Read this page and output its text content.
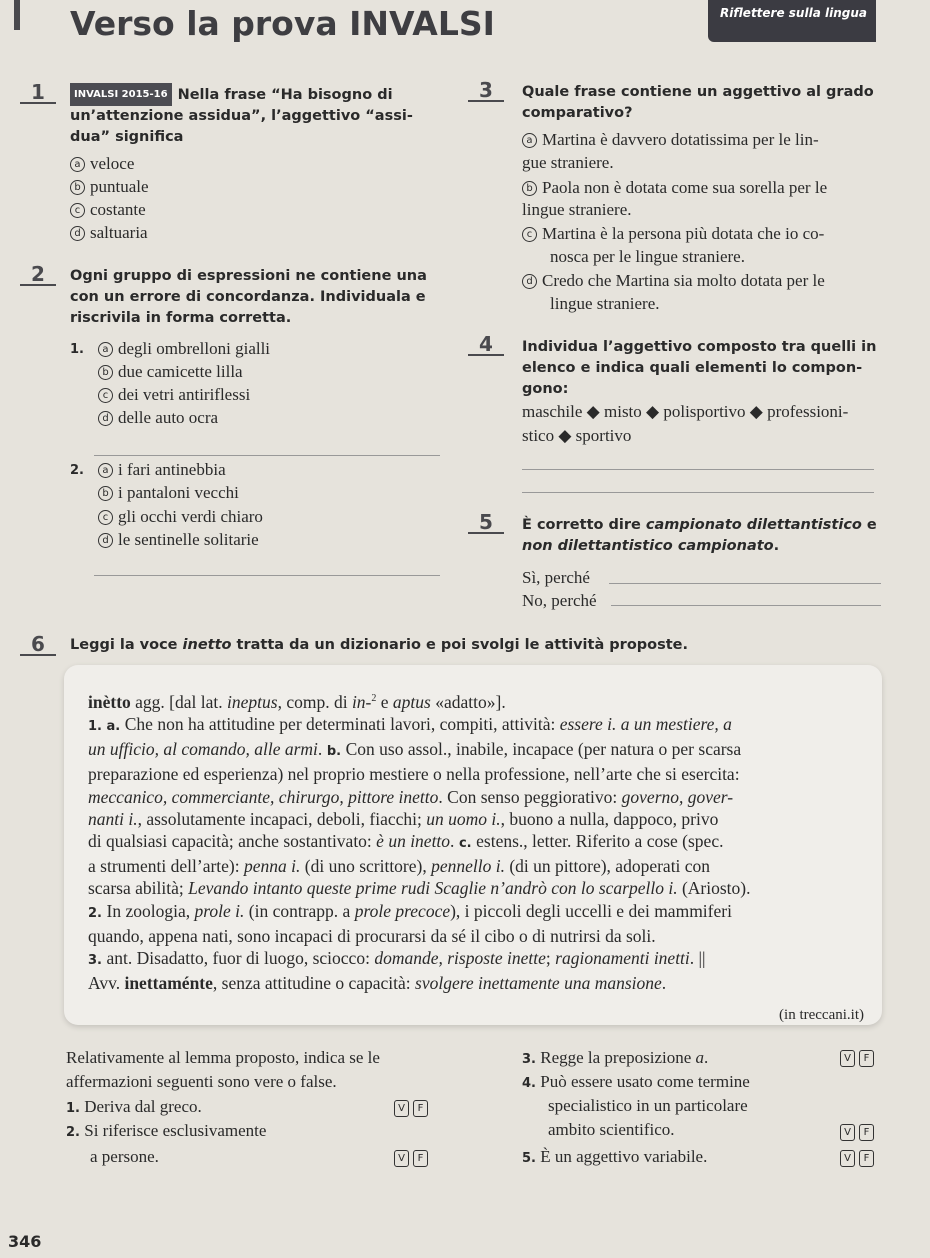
Verso la prova INVALSI	Riflettere sulla lingua
1	INVALSI 2015-16 Nella frase “Ha bisogno di
un’attenzione assidua”, l’aggettivo “assi-
dua” significa
a veloce
b puntuale
c costante
d saltuaria
2	Ogni gruppo di espressioni ne contiene una
con un errore di concordanza. Individuala e
riscrivila in forma corretta.
1.	a degli ombrelloni gialli
b due camicette lilla
c dei vetri antiriflessi
d delle auto ocra
2.	a i fari antinebbia
b i pantaloni vecchi
c gli occhi verdi chiaro
d le sentinelle solitarie
3	Quale frase contiene un aggettivo al grado
comparativo?
a Martina è davvero dotatissima per le lin-
gue straniere.
b Paola non è dotata come sua sorella per le
lingue straniere.
c Martina è la persona più dotata che io co-
nosca per le lingue straniere.
d Credo che Martina sia molto dotata per le
lingue straniere.
4	Individua l’aggettivo composto tra quelli in
elenco e indica quali elementi lo compon-
gono:
maschile ◆ misto ◆ polisportivo ◆ professioni-
stico ◆ sportivo
5	È corretto dire campionato dilettantistico e
non dilettantistico campionato.
Sì, perché
No, perché
6	Leggi la voce inetto tratta da un dizionario e poi svolgi le attività proposte.

inètto agg. [dal lat. ineptus, comp. di in-$^2$ e aptus «adatto»].

1. a. Che non ha attitudine per determinati lavori, compiti, attività: essere i. a un mestiere, a

un ufficio, al comando, alle armi. b. Con uso assol., inabile, incapace (per natura o per scarsa

preparazione ed esperienza) nel proprio mestiere o nella professione, nell’arte che si esercita:

meccanico, commerciante, chirurgo, pittore inetto. Con senso peggiorativo: governo, gover-

nanti i., assolutamente incapaci, deboli, fiacchi; un uomo i., buono a nulla, dappoco, privo

di qualsiasi capacità; anche sostantivato: è un inetto. c. estens., letter. Riferito a cose (spec.

a strumenti dell’arte): penna i. (di uno scrittore), pennello i. (di un pittore), adoperati con

scarsa abilità; Levando intanto queste prime rudi Scaglie n’andrò con lo scarpello i. (Ariosto).

2. In zoologia, prole i. (in contrapp. a prole precoce), i piccoli degli uccelli e dei mammiferi

quando, appena nati, sono incapaci di procurarsi da sé il cibo o di nutrirsi da soli.

3. ant. Disadatto, fuor di luogo, sciocco: domande, risposte inette; ragionamenti inetti. ||

Avv. inettaménte, senza attitudine o capacità: svolgere inettamente una mansione.

(in treccani.it)

Relativamente al lemma proposto, indica se le
affermazioni seguenti sono vere o false.
1. Deriva dal greco.	V F
2. Si riferisce esclusivamente
a persone.	V F
3. Regge la preposizione a.	V F
4. Può essere usato come termine
specialistico in un particolare
ambito scientifico.	V F
5. È un aggettivo variabile.	V F
346
